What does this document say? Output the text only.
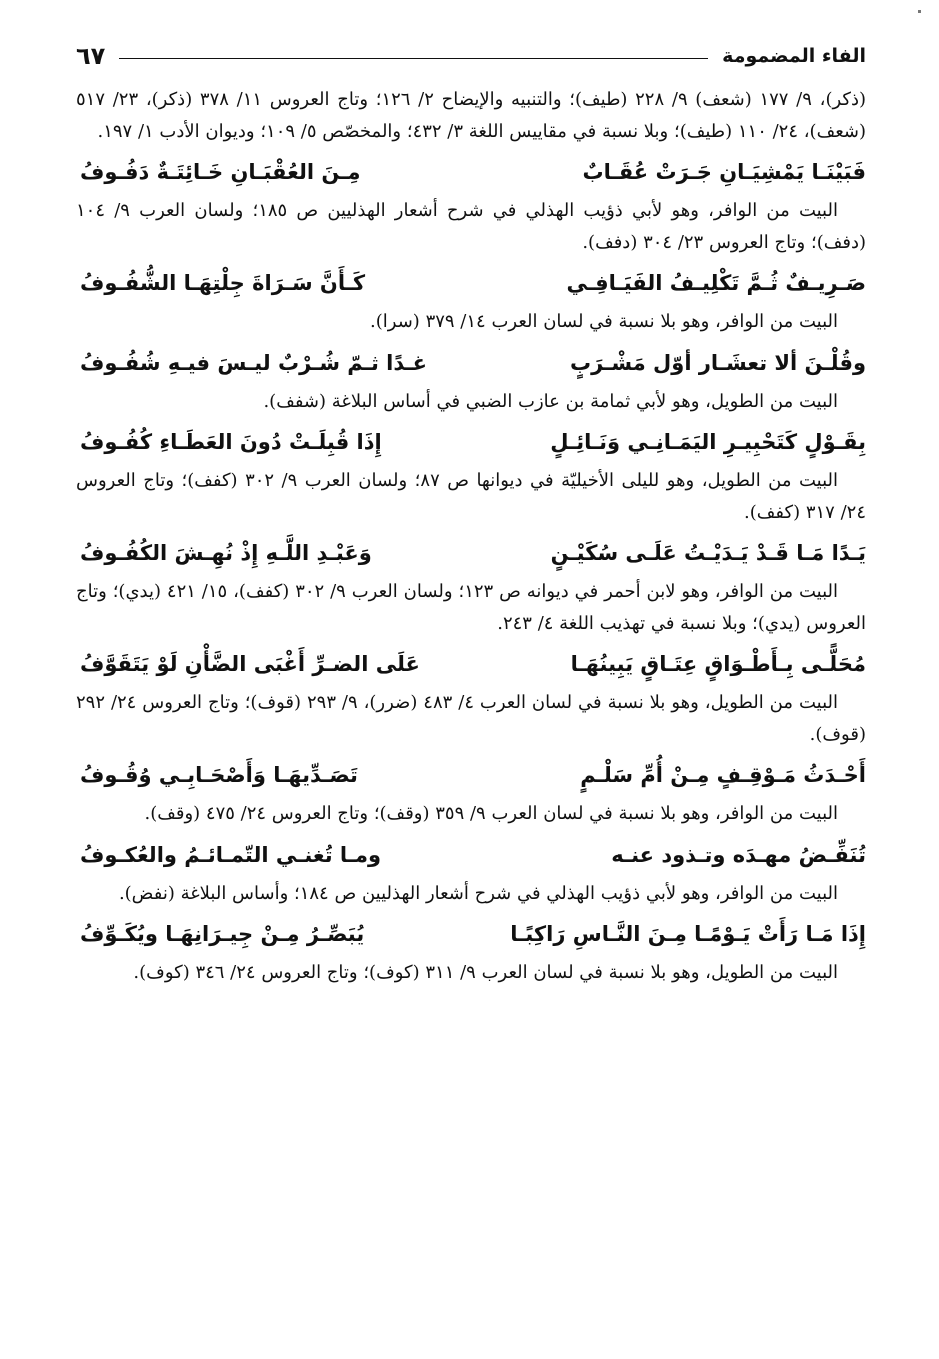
الفاء المضمومة
٦٧

(ذكر)، ٩/ ١٧٧ (شعف) ٩/ ٢٢٨ (طيف)؛ والتنبيه والإيضاح ٢/ ١٢٦؛ وتاج العروس ١١/ ٣٧٨ (ذكر)، ٢٣/ ٥١٧ (شعف)، ٢٤/ ١١٠ (طيف)؛ وبلا نسبة في مقاييس اللغة ٣/ ٤٣٢؛ والمخصّص ٥/ ١٠٩؛ وديوان الأدب ١/ ١٩٧.

فَبَيْنَـا يَمْشِيَـانِ جَـرَتْ عُقَـابٌ
مِـنَ العُقْبَـانِ خَـائِتَـةٌ دَفُـوفُ

البيت من الوافر، وهو لأبي ذؤيب الهذلي في شرح أشعار الهذليين ص ١٨٥؛ ولسان العرب ٩/ ١٠٤ (دفف)؛ وتاج العروس ٢٣/ ٣٠٤ (دفف).

صَـرِيـفٌ ثُـمَّ تَكْلِيـفُ الفَيَـافِـي
كَـأَنَّ سَـرَاةَ جِلْتِهَـا الشُّفُـوفُ

البيت من الوافر، وهو بلا نسبة في لسان العرب ١٤/ ٣٧٩ (سرا).

وقُلْـنَ ألا تعشَـار أوّل مَشْـرَبٍ
غـدًا ثـمّ شُـرْبٌ ليـسَ فيـهِ شُفُـوفُ

البيت من الطويل، وهو لأبي ثمامة بن عازب الضبي في أساس البلاغة (شفف).

بِقَـوْلٍ كَتَحْبِيـرِ اليَمَـانِـي وَنَـائِـلٍ
إِذَا قُبِلَـتْ دُونَ العَطَـاءِ كُفُـوفُ

البيت من الطويل، وهو لليلى الأخيليّة في ديوانها ص ٨٧؛ ولسان العرب ٩/ ٣٠٢ (كفف)؛ وتاج العروس ٢٤/ ٣١٧ (كفف).

يَـدًا مَـا قَـدْ يَـدَيْـتُ عَلَـى سُكَيْـنٍ
وَعَبْـدِ اللَّـهِ إِذْ نُهِـشَ الكُفُـوفُ

البيت من الوافر، وهو لابن أحمر في ديوانه ص ١٢٣؛ ولسان العرب ٩/ ٣٠٢ (كفف)، ١٥/ ٤٢١ (يدي)؛ وتاج العروس (يدي)؛ وبلا نسبة في تهذيب اللغة ٤/ ٢٤٣.

مُحَلًّـى بِـأَطْـوَاقٍ عِتَـاقٍ يَبِينُهَـا
عَلَى الضـرِّ أَغْبَى الضَّأْنِ لَوْ يَتَقَوَّفُ

البيت من الطويل، وهو بلا نسبة في لسان العرب ٤/ ٤٨٣ (ضرر)، ٩/ ٢٩٣ (قوف)؛ وتاج العروس ٢٤/ ٢٩٢ (قوف).

أَحْـدَثُ مَـوْقِـفٍ مِـنْ أُمِّ سَلْـمٍ
تَصَـدِّيهَـا وَأَصْحَـابِـي وُقُـوفُ

البيت من الوافر، وهو بلا نسبة في لسان العرب ٩/ ٣٥٩ (وقف)؛ وتاج العروس ٢٤/ ٤٧٥ (وقف).

تُنَفِّـضُ مهـدَه وتـذود عنـه
ومـا تُغنـي التّمـائـمُ والعُكـوفُ

البيت من الوافر، وهو لأبي ذؤيب الهذلي في شرح أشعار الهذليين ص ١٨٤؛ وأساس البلاغة (نفض).

إِذَا مَـا رَأَتْ يَـوْمًـا مِـنَ النَّـاسِ رَاكِبًـا
يُبَصِّـرُ مِـنْ جِيـرَانِهَـا ويُكَـوِّفُ

البيت من الطويل، وهو بلا نسبة في لسان العرب ٩/ ٣١١ (كوف)؛ وتاج العروس ٢٤/ ٣٤٦ (كوف).
